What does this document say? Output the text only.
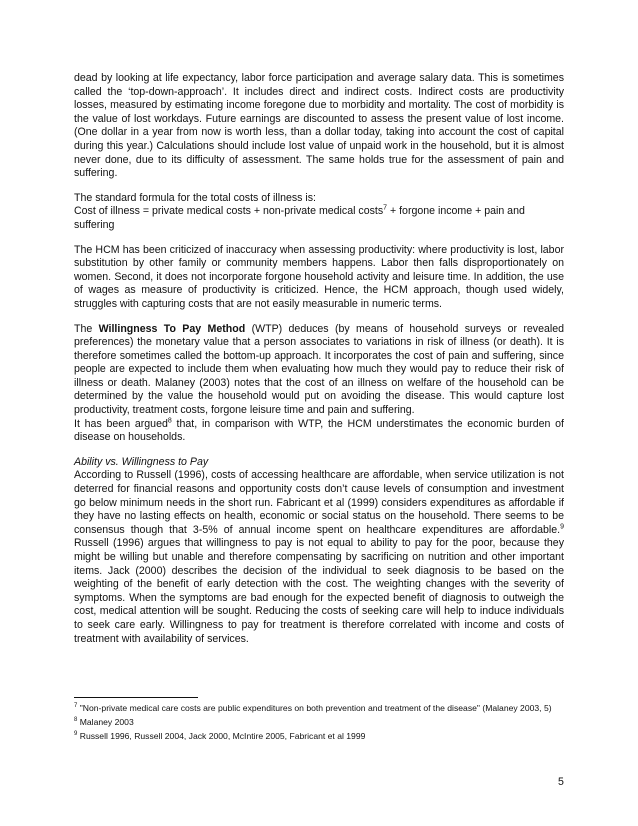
dead by looking at life expectancy, labor force participation and average salary data. This is sometimes called the ‘top-down-approach’. It includes direct and indirect costs. Indirect costs are productivity losses, measured by estimating income foregone due to morbidity and mortality. The cost of morbidity is the value of lost workdays. Future earnings are discounted to assess the present value of lost income. (One dollar in a year from now is worth less, than a dollar today, taking into account the cost of capital during this year.) Calculations should include lost value of unpaid work in the household, but it is almost never done, due to its difficulty of assessment. The same holds true for the assessment of pain and suffering.

The standard formula for the total costs of illness is:

Cost of illness = private medical costs + non-private medical costs$^7$ + forgone income + pain and suffering

The HCM has been criticized of inaccuracy when assessing productivity: where productivity is lost, labor substitution by other family or community members happens. Labor then falls disproportionately on women. Second, it does not incorporate forgone household activity and leisure time. In addition, the use of wages as measure of productivity is criticized. Hence, the HCM approach, though used widely, struggles with capturing costs that are not easily measurable in numeric terms.

The Willingness To Pay Method (WTP) deduces (by means of household surveys or revealed preferences) the monetary value that a person associates to variations in risk of illness (or death). It is therefore sometimes called the bottom-up approach. It incorporates the cost of pain and suffering, since people are expected to include them when evaluating how much they would pay to reduce their risk of illness or death. Malaney (2003) notes that the cost of an illness on welfare of the household can be determined by the value the household would put on avoiding the disease. This would capture lost productivity, treatment costs, forgone leisure time and pain and suffering.

It has been argued$^8$ that, in comparison with WTP, the HCM understimates the economic burden of disease on households.

Ability vs. Willingness to Pay

According to Russell (1996), costs of accessing healthcare are affordable, when service utilization is not deterred for financial reasons and opportunity costs don’t cause levels of consumption and investment go below minimum needs in the short run. Fabricant et al (1999) considers expenditures as affordable if they have no lasting effects on health, economic or social status on the household. There seems to be consensus though that 3-5% of annual income spent on healthcare expenditures are affordable.$^9$ Russell (1996) argues that willingness to pay is not equal to ability to pay for the poor, because they might be willing but unable and therefore compensating by sacrificing on nutrition and other important items. Jack (2000) describes the decision of the individual to seek diagnosis to be based on the weighting of the benefit of early detection with the cost. The weighting changes with the severity of symptoms. When the symptoms are bad enough for the expected benefit of diagnosis to outweigh the cost, medical attention will be sought. Reducing the costs of seeking care will help to induce individuals to seek care early. Willingness to pay for treatment is therefore correlated with income and costs of treatment with availability of services.

$^7$ "Non-private medical care costs are public expenditures on both prevention and treatment of the disease" (Malaney 2003, 5)

$^8$ Malaney 2003

$^9$ Russell 1996, Russell 2004, Jack 2000, McIntire 2005, Fabricant et al 1999

5
